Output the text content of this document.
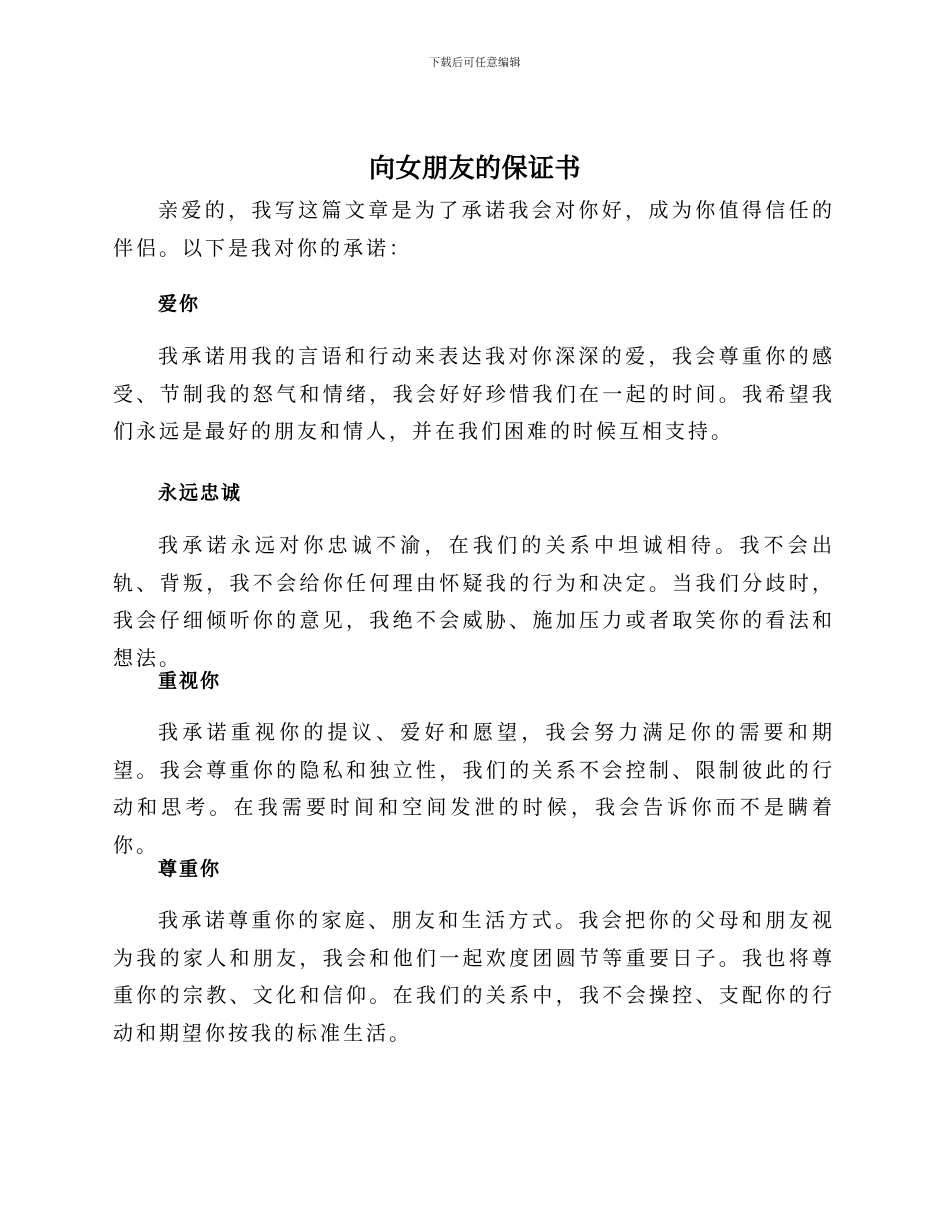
下载后可任意编辑
向女朋友的保证书

亲爱的，我写这篇文章是为了承诺我会对你好，成为你值得信任的伴侣。以下是我对你的承诺：

爱你

我承诺用我的言语和行动来表达我对你深深的爱，我会尊重你的感受、节制我的怒气和情绪，我会好好珍惜我们在一起的时间。我希望我们永远是最好的朋友和情人，并在我们困难的时候互相支持。

永远忠诚

我承诺永远对你忠诚不渝，在我们的关系中坦诚相待。我不会出轨、背叛，我不会给你任何理由怀疑我的行为和决定。当我们分歧时，我会仔细倾听你的意见，我绝不会威胁、施加压力或者取笑你的看法和想法。

重视你

我承诺重视你的提议、爱好和愿望，我会努力满足你的需要和期望。我会尊重你的隐私和独立性，我们的关系不会控制、限制彼此的行动和思考。在我需要时间和空间发泄的时候，我会告诉你而不是瞒着你。

尊重你

我承诺尊重你的家庭、朋友和生活方式。我会把你的父母和朋友视为我的家人和朋友，我会和他们一起欢度团圆节等重要日子。我也将尊重你的宗教、文化和信仰。在我们的关系中，我不会操控、支配你的行动和期望你按我的标准生活。
